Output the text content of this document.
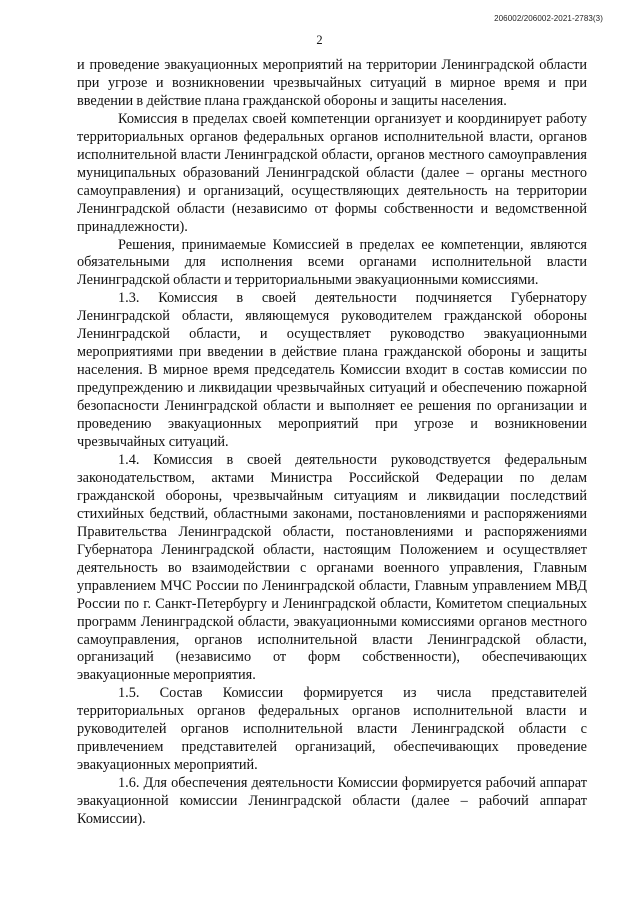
206002/206002-2021-2783(3)
2

и проведение эвакуационных мероприятий на территории Ленинградской области при угрозе и возникновении чрезвычайных ситуаций в мирное время и при введении в действие плана гражданской обороны и защиты населения.

Комиссия в пределах своей компетенции организует и координирует работу территориальных органов федеральных органов исполнительной власти, органов исполнительной власти Ленинградской области, органов местного самоуправления муниципальных образований Ленинградской области (далее – органы местного самоуправления) и организаций, осуществляющих деятельность на территории Ленинградской области (независимо от формы собственности и ведомственной принадлежности).

Решения, принимаемые Комиссией в пределах ее компетенции, являются обязательными для исполнения всеми органами исполнительной власти Ленинградской области и территориальными эвакуационными комиссиями.

1.3. Комиссия в своей деятельности подчиняется Губернатору Ленинградской области, являющемуся руководителем гражданской обороны Ленинградской области, и осуществляет руководство эвакуационными мероприятиями при введении в действие плана гражданской обороны и защиты населения. В мирное время председатель Комиссии входит в состав комиссии по предупреждению и ликвидации чрезвычайных ситуаций и обеспечению пожарной безопасности Ленинградской области и выполняет ее решения по организации и проведению эвакуационных мероприятий при угрозе и возникновении чрезвычайных ситуаций.

1.4. Комиссия в своей деятельности руководствуется федеральным законодательством, актами Министра Российской Федерации по делам гражданской обороны, чрезвычайным ситуациям и ликвидации последствий стихийных бедствий, областными законами, постановлениями и распоряжениями Правительства Ленинградской области, постановлениями и распоряжениями Губернатора Ленинградской области, настоящим Положением и осуществляет деятельность во взаимодействии с органами военного управления, Главным управлением МЧС России по Ленинградской области, Главным управлением МВД России по г. Санкт-Петербургу и Ленинградской области, Комитетом специальных программ Ленинградской области, эвакуационными комиссиями органов местного самоуправления, органов исполнительной власти Ленинградской области, организаций (независимо от форм собственности), обеспечивающих эвакуационные мероприятия.

1.5. Состав Комиссии формируется из числа представителей территориальных органов федеральных органов исполнительной власти и руководителей органов исполнительной власти Ленинградской области с привлечением представителей организаций, обеспечивающих проведение эвакуационных мероприятий.

1.6. Для обеспечения деятельности Комиссии формируется рабочий аппарат эвакуационной комиссии Ленинградской области (далее – рабочий аппарат Комиссии).
